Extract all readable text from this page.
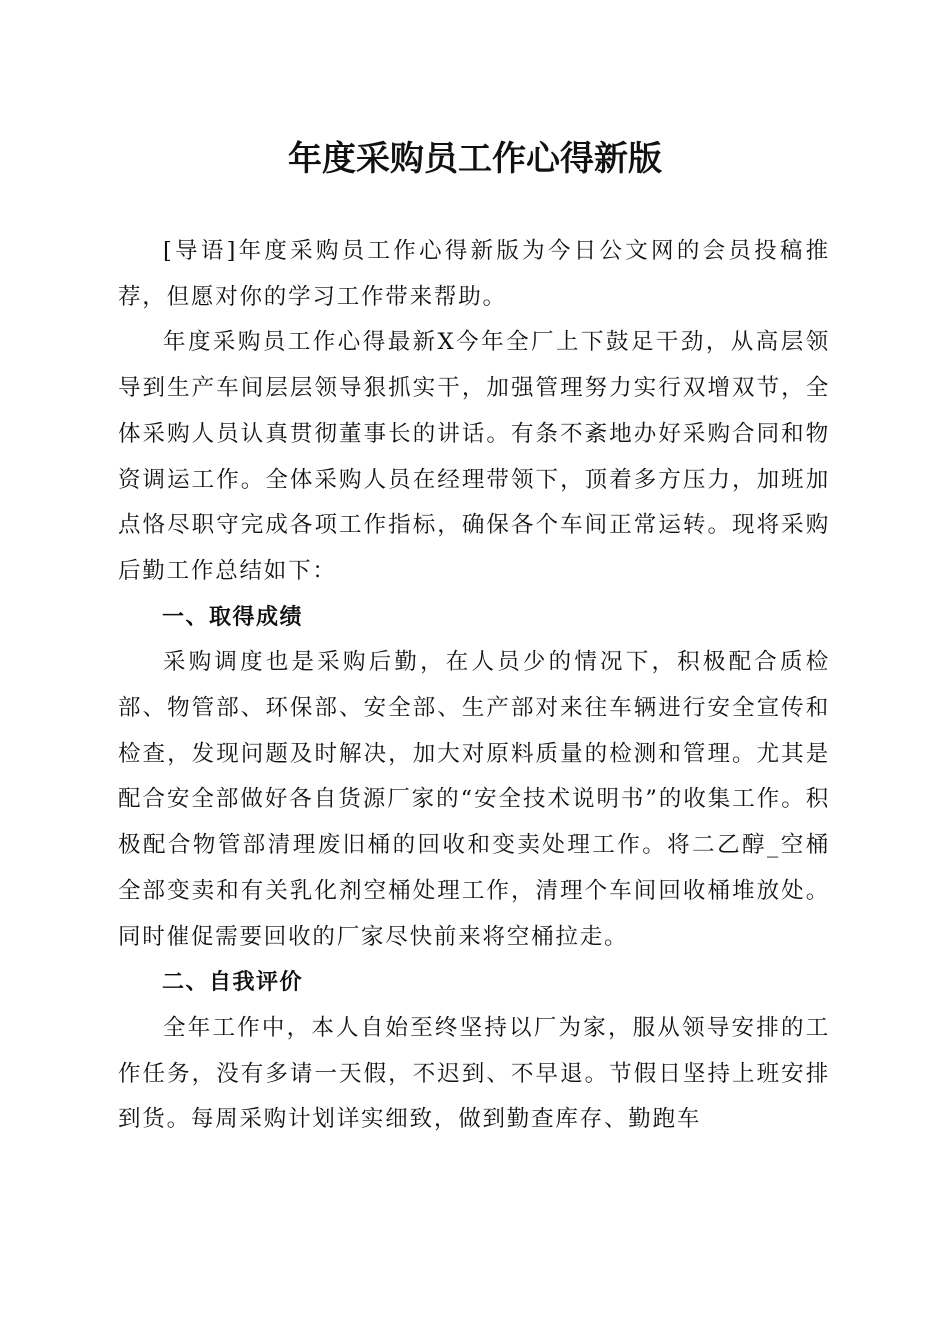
年度采购员工作心得新版

[导语]年度采购员工作心得新版为今日公文网的会员投稿推荐，但愿对你的学习工作带来帮助。

年度采购员工作心得最新X今年全厂上下鼓足干劲，从高层领导到生产车间层层领导狠抓实干，加强管理努力实行双增双节，全体采购人员认真贯彻董事长的讲话。有条不紊地办好采购合同和物资调运工作。全体采购人员在经理带领下，顶着多方压力，加班加点恪尽职守完成各项工作指标，确保各个车间正常运转。现将采购后勤工作总结如下：

一、取得成绩

采购调度也是采购后勤，在人员少的情况下，积极配合质检部、物管部、环保部、安全部、生产部对来往车辆进行安全宣传和检查，发现问题及时解决，加大对原料质量的检测和管理。尤其是配合安全部做好各自货源厂家的“安全技术说明书”的收集工作。积极配合物管部清理废旧桶的回收和变卖处理工作。将二乙醇_空桶全部变卖和有关乳化剂空桶处理工作，清理个车间回收桶堆放处。同时催促需要回收的厂家尽快前来将空桶拉走。

二、自我评价

全年工作中，本人自始至终坚持以厂为家，服从领导安排的工作任务，没有多请一天假，不迟到、不早退。节假日坚持上班安排到货。每周采购计划详实细致，做到勤查库存、勤跑车
